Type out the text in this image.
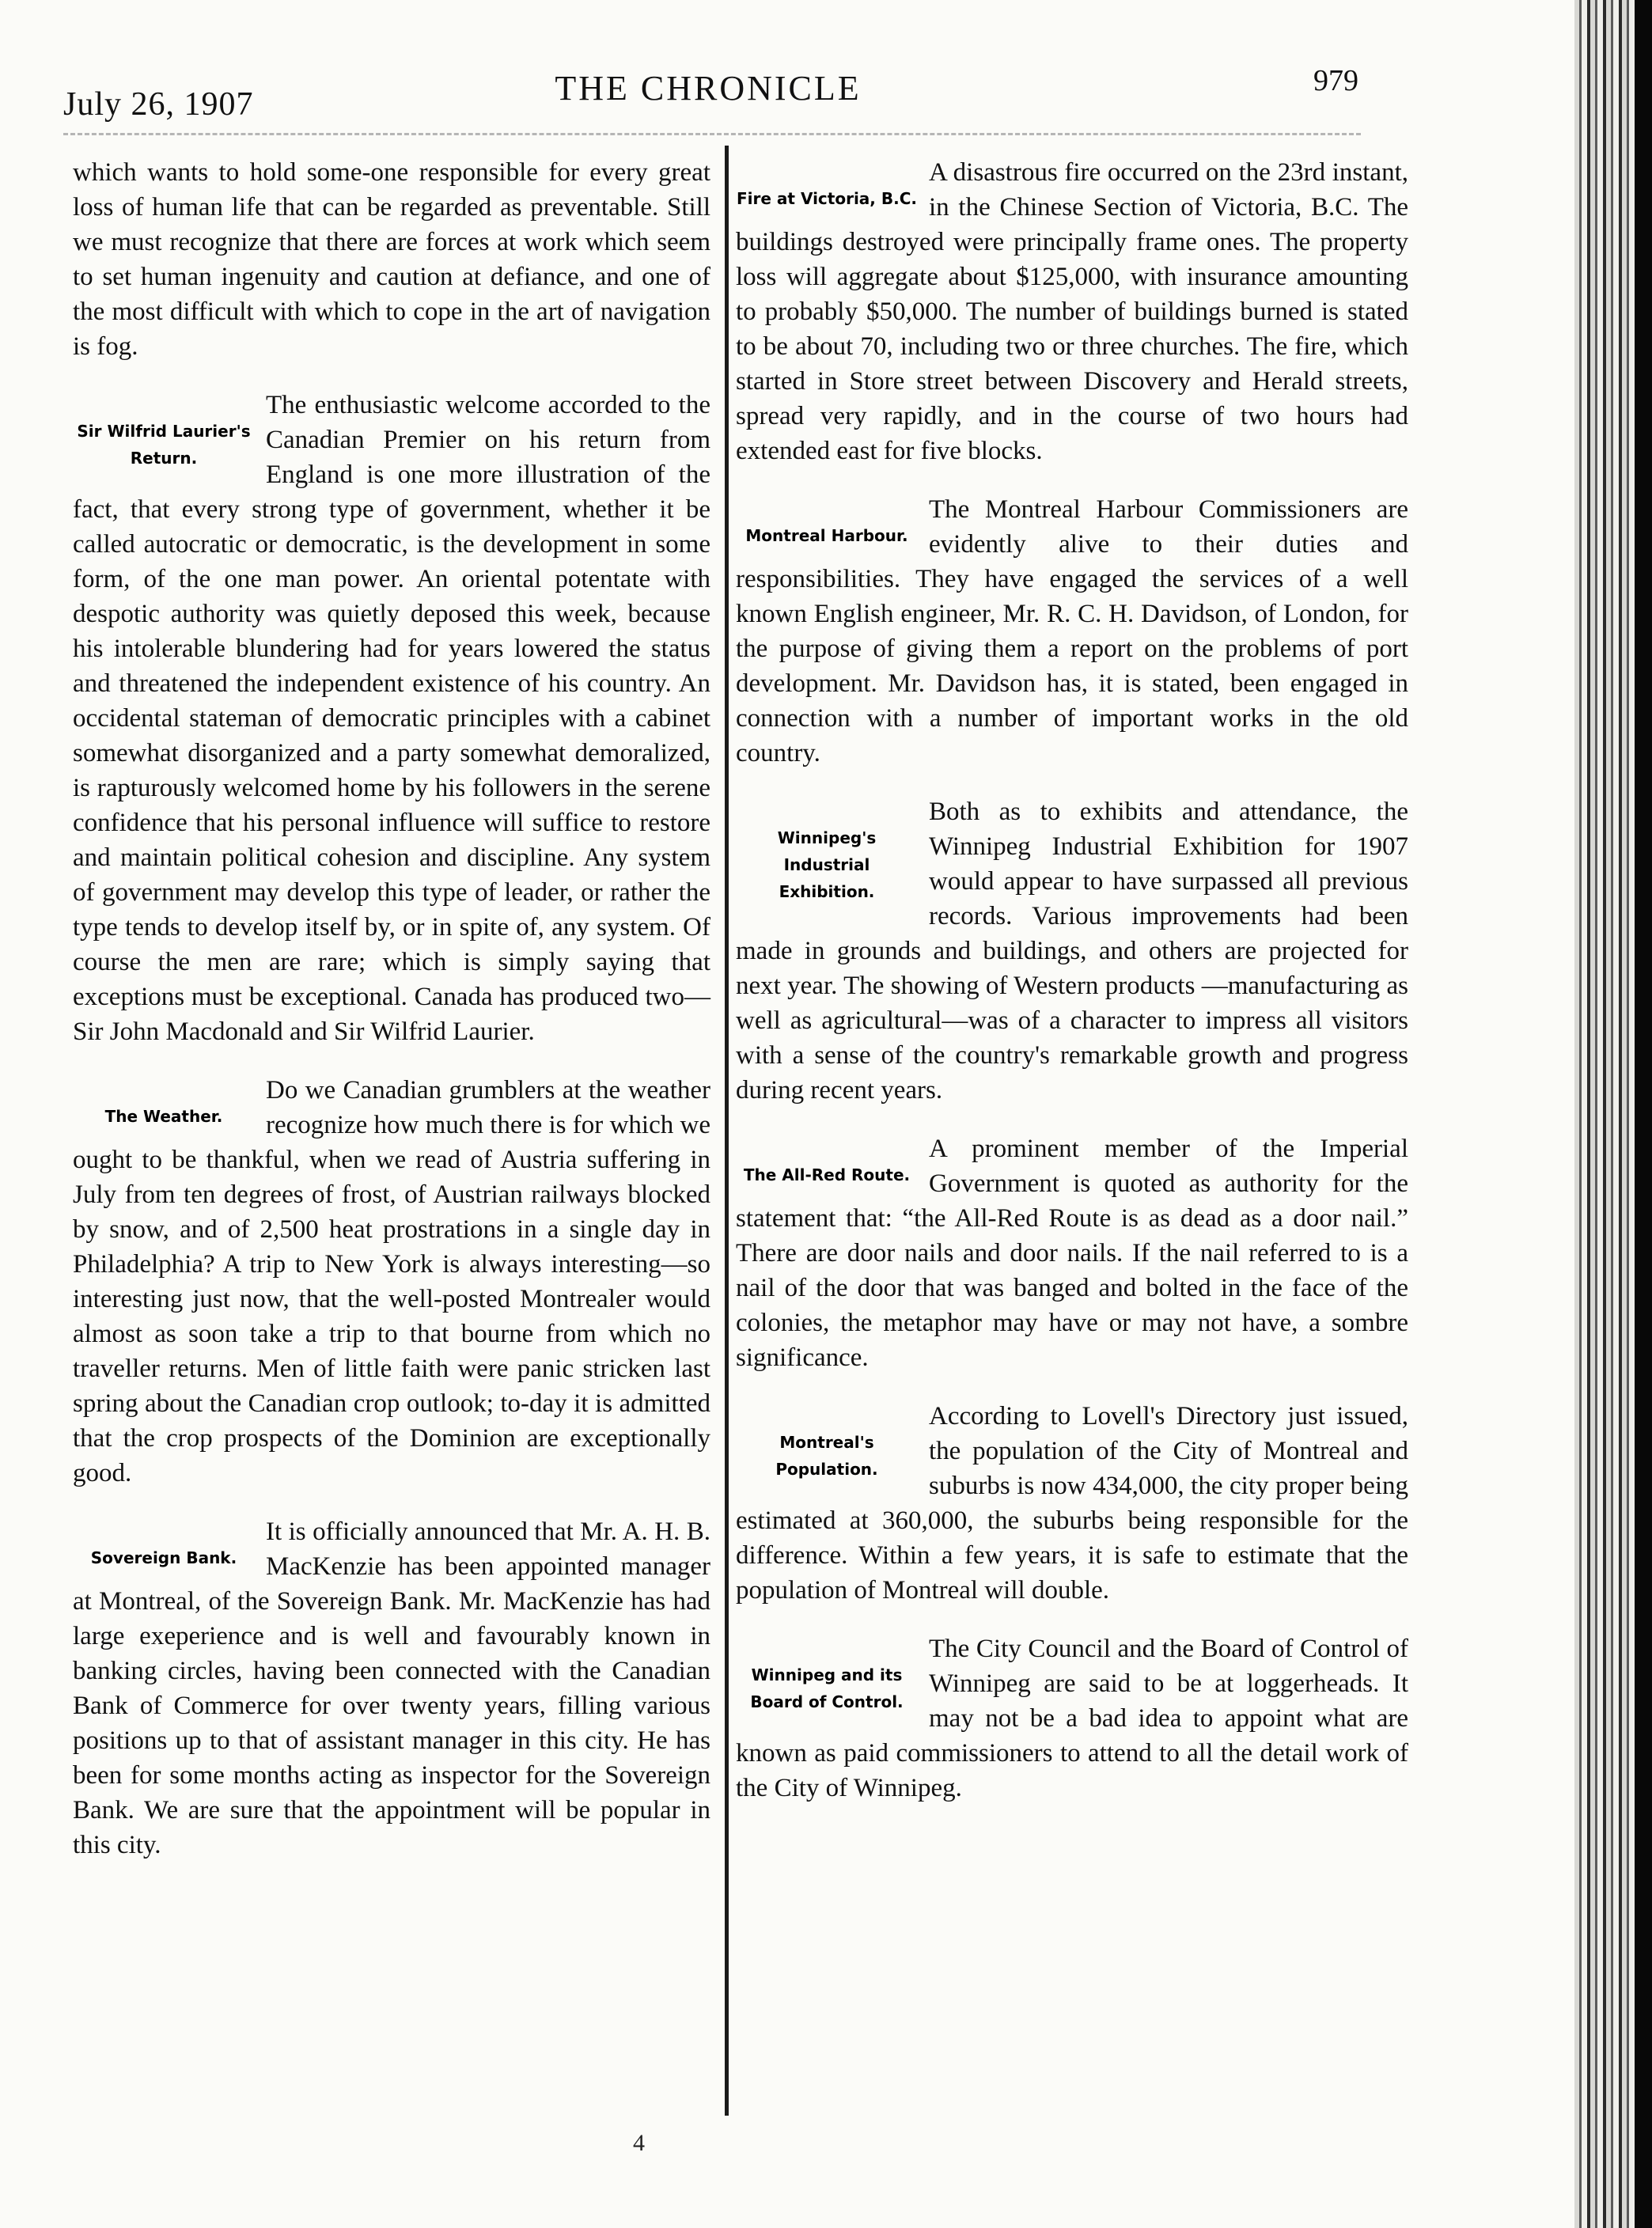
July 26, 1907	THE CHRONICLE	979

which wants to hold some-one responsible for every great loss of human life that can be regarded as preventable. Still we must recognize that there are forces at work which seem to set human ingenuity and caution at defiance, and one of the most difficult with which to cope in the art of navigation is fog.

Sir Wilfrid Laurier's Return.

The enthusiastic welcome accorded to the Canadian Premier on his return from England is one more illustration of the fact, that every strong type of government, whether it be called autocratic or democratic, is the development in some form, of the one man power. An oriental potentate with despotic authority was quietly deposed this week, because his intolerable blundering had for years lowered the status and threatened the independent existence of his country. An occidental stateman of democratic principles with a cabinet somewhat disorganized and a party somewhat demoralized, is rapturously welcomed home by his followers in the serene confidence that his personal influence will suffice to restore and maintain political cohesion and discipline. Any system of government may develop this type of leader, or rather the type tends to develop itself by, or in spite of, any system. Of course the men are rare; which is simply saying that exceptions must be exceptional. Canada has produced two—Sir John Macdonald and Sir Wilfrid Laurier.

The Weather.

Do we Canadian grumblers at the weather recognize how much there is for which we ought to be thankful, when we read of Austria suffering in July from ten degrees of frost, of Austrian railways blocked by snow, and of 2,500 heat prostrations in a single day in Philadelphia? A trip to New York is always interesting—so interesting just now, that the well-posted Montrealer would almost as soon take a trip to that bourne from which no traveller returns. Men of little faith were panic stricken last spring about the Canadian crop outlook; to-day it is admitted that the crop prospects of the Dominion are exceptionally good.

Sovereign Bank.

It is officially announced that Mr. A. H. B. MacKenzie has been appointed manager at Montreal, of the Sovereign Bank. Mr. MacKenzie has had large exeperience and is well and favourably known in banking circles, having been connected with the Canadian Bank of Commerce for over twenty years, filling various positions up to that of assistant manager in this city. He has been for some months acting as inspector for the Sovereign Bank. We are sure that the appointment will be popular in this city.

Fire at Victoria, B.C.

A disastrous fire occurred on the 23rd instant, in the Chinese Section of Victoria, B.C. The buildings destroyed were principally frame ones. The property loss will aggregate about $125,000, with insurance amounting to probably $50,000. The number of buildings burned is stated to be about 70, including two or three churches. The fire, which started in Store street between Discovery and Herald streets, spread very rapidly, and in the course of two hours had extended east for five blocks.

Montreal Harbour.

The Montreal Harbour Commissioners are evidently alive to their duties and responsibilities. They have engaged the services of a well known English engineer, Mr. R. C. H. Davidson, of London, for the purpose of giving them a report on the problems of port development. Mr. Davidson has, it is stated, been engaged in connection with a number of important works in the old country.

Winnipeg's Industrial Exhibition.

Both as to exhibits and attendance, the Winnipeg Industrial Exhibition for 1907 would appear to have surpassed all previous records. Various improvements had been made in grounds and buildings, and others are projected for next year. The showing of Western products —manufacturing as well as agricultural—was of a character to impress all visitors with a sense of the country's remarkable growth and progress during recent years.

The All-Red Route.

A prominent member of the Imperial Government is quoted as authority for the statement that: “the All-Red Route is as dead as a door nail.” There are door nails and door nails. If the nail referred to is a nail of the door that was banged and bolted in the face of the colonies, the metaphor may have or may not have, a sombre significance.

Montreal's Population.

According to Lovell's Directory just issued, the population of the City of Montreal and suburbs is now 434,000, the city proper being estimated at 360,000, the suburbs being responsible for the difference. Within a few years, it is safe to estimate that the population of Montreal will double.

Winnipeg and its Board of Control.

The City Council and the Board of Control of Winnipeg are said to be at loggerheads. It may not be a bad idea to appoint what are known as paid commissioners to attend to all the detail work of the City of Winnipeg.

4
